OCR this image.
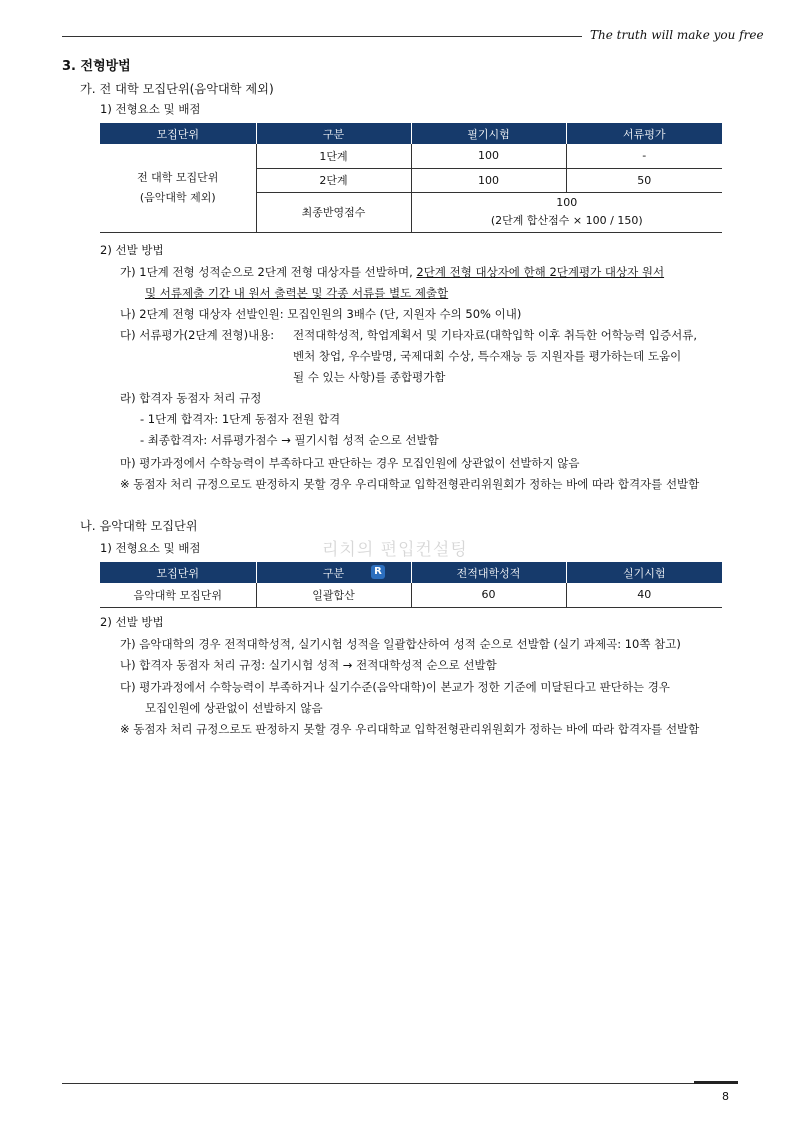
The truth will make you free
3. 전형방법
가. 전 대학 모집단위(음악대학 제외)
1) 전형요소 및 배점
모집단위	구분	필기시험	서류평가

전 대학 모집단위
(음악대학 제외)	1단계	100	-
	2단계	100	50
	최종반영점수	100
(2단계 합산점수 × 100 / 150)	
2) 선발 방법
가) 1단계 전형 성적순으로 2단계 전형 대상자를 선발하며, 2단계 전형 대상자에 한해 2단계평가 대상자 원서
및 서류제출 기간 내 원서 출력본 및 각종 서류를 별도 제출함
나) 2단계 전형 대상자 선발인원: 모집인원의 3배수 (단, 지원자 수의 50% 이내)
다) 서류평가(2단계 전형)내용: 전적대학성적, 학업계획서 및 기타자료(대학입학 이후 취득한 어학능력 입증서류,
벤처 창업, 우수발명, 국제대회 수상, 특수재능 등 지원자를 평가하는데 도움이
될 수 있는 사항)를 종합평가함
라) 합격자 동점자 처리 규정
- 1단계 합격자: 1단계 동점자 전원 합격
- 최종합격자: 서류평가점수 → 필기시험 성적 순으로 선발함
마) 평가과정에서 수학능력이 부족하다고 판단하는 경우 모집인원에 상관없이 선발하지 않음
※ 동점자 처리 규정으로도 판정하지 못할 경우 우리대학교 입학전형관리위원회가 정하는 바에 따라 합격자를 선발함
나. 음악대학 모집단위
1) 전형요소 및 배점	리치의 편입컨설팅
모집단위	구분	전적대학성적	실기시험
음악대학 모집단위	일괄합산	60	40
R
2) 선발 방법
가) 음악대학의 경우 전적대학성적, 실기시험 성적을 일괄합산하여 성적 순으로 선발함 (실기 과제곡: 10쪽 참고)
나) 합격자 동점자 처리 규정: 실기시험 성적 → 전적대학성적 순으로 선발함
다) 평가과정에서 수학능력이 부족하거나 실기수준(음악대학)이 본교가 정한 기준에 미달된다고 판단하는 경우
모집인원에 상관없이 선발하지 않음
※ 동점자 처리 규정으로도 판정하지 못할 경우 우리대학교 입학전형관리위원회가 정하는 바에 따라 합격자를 선발함
8
